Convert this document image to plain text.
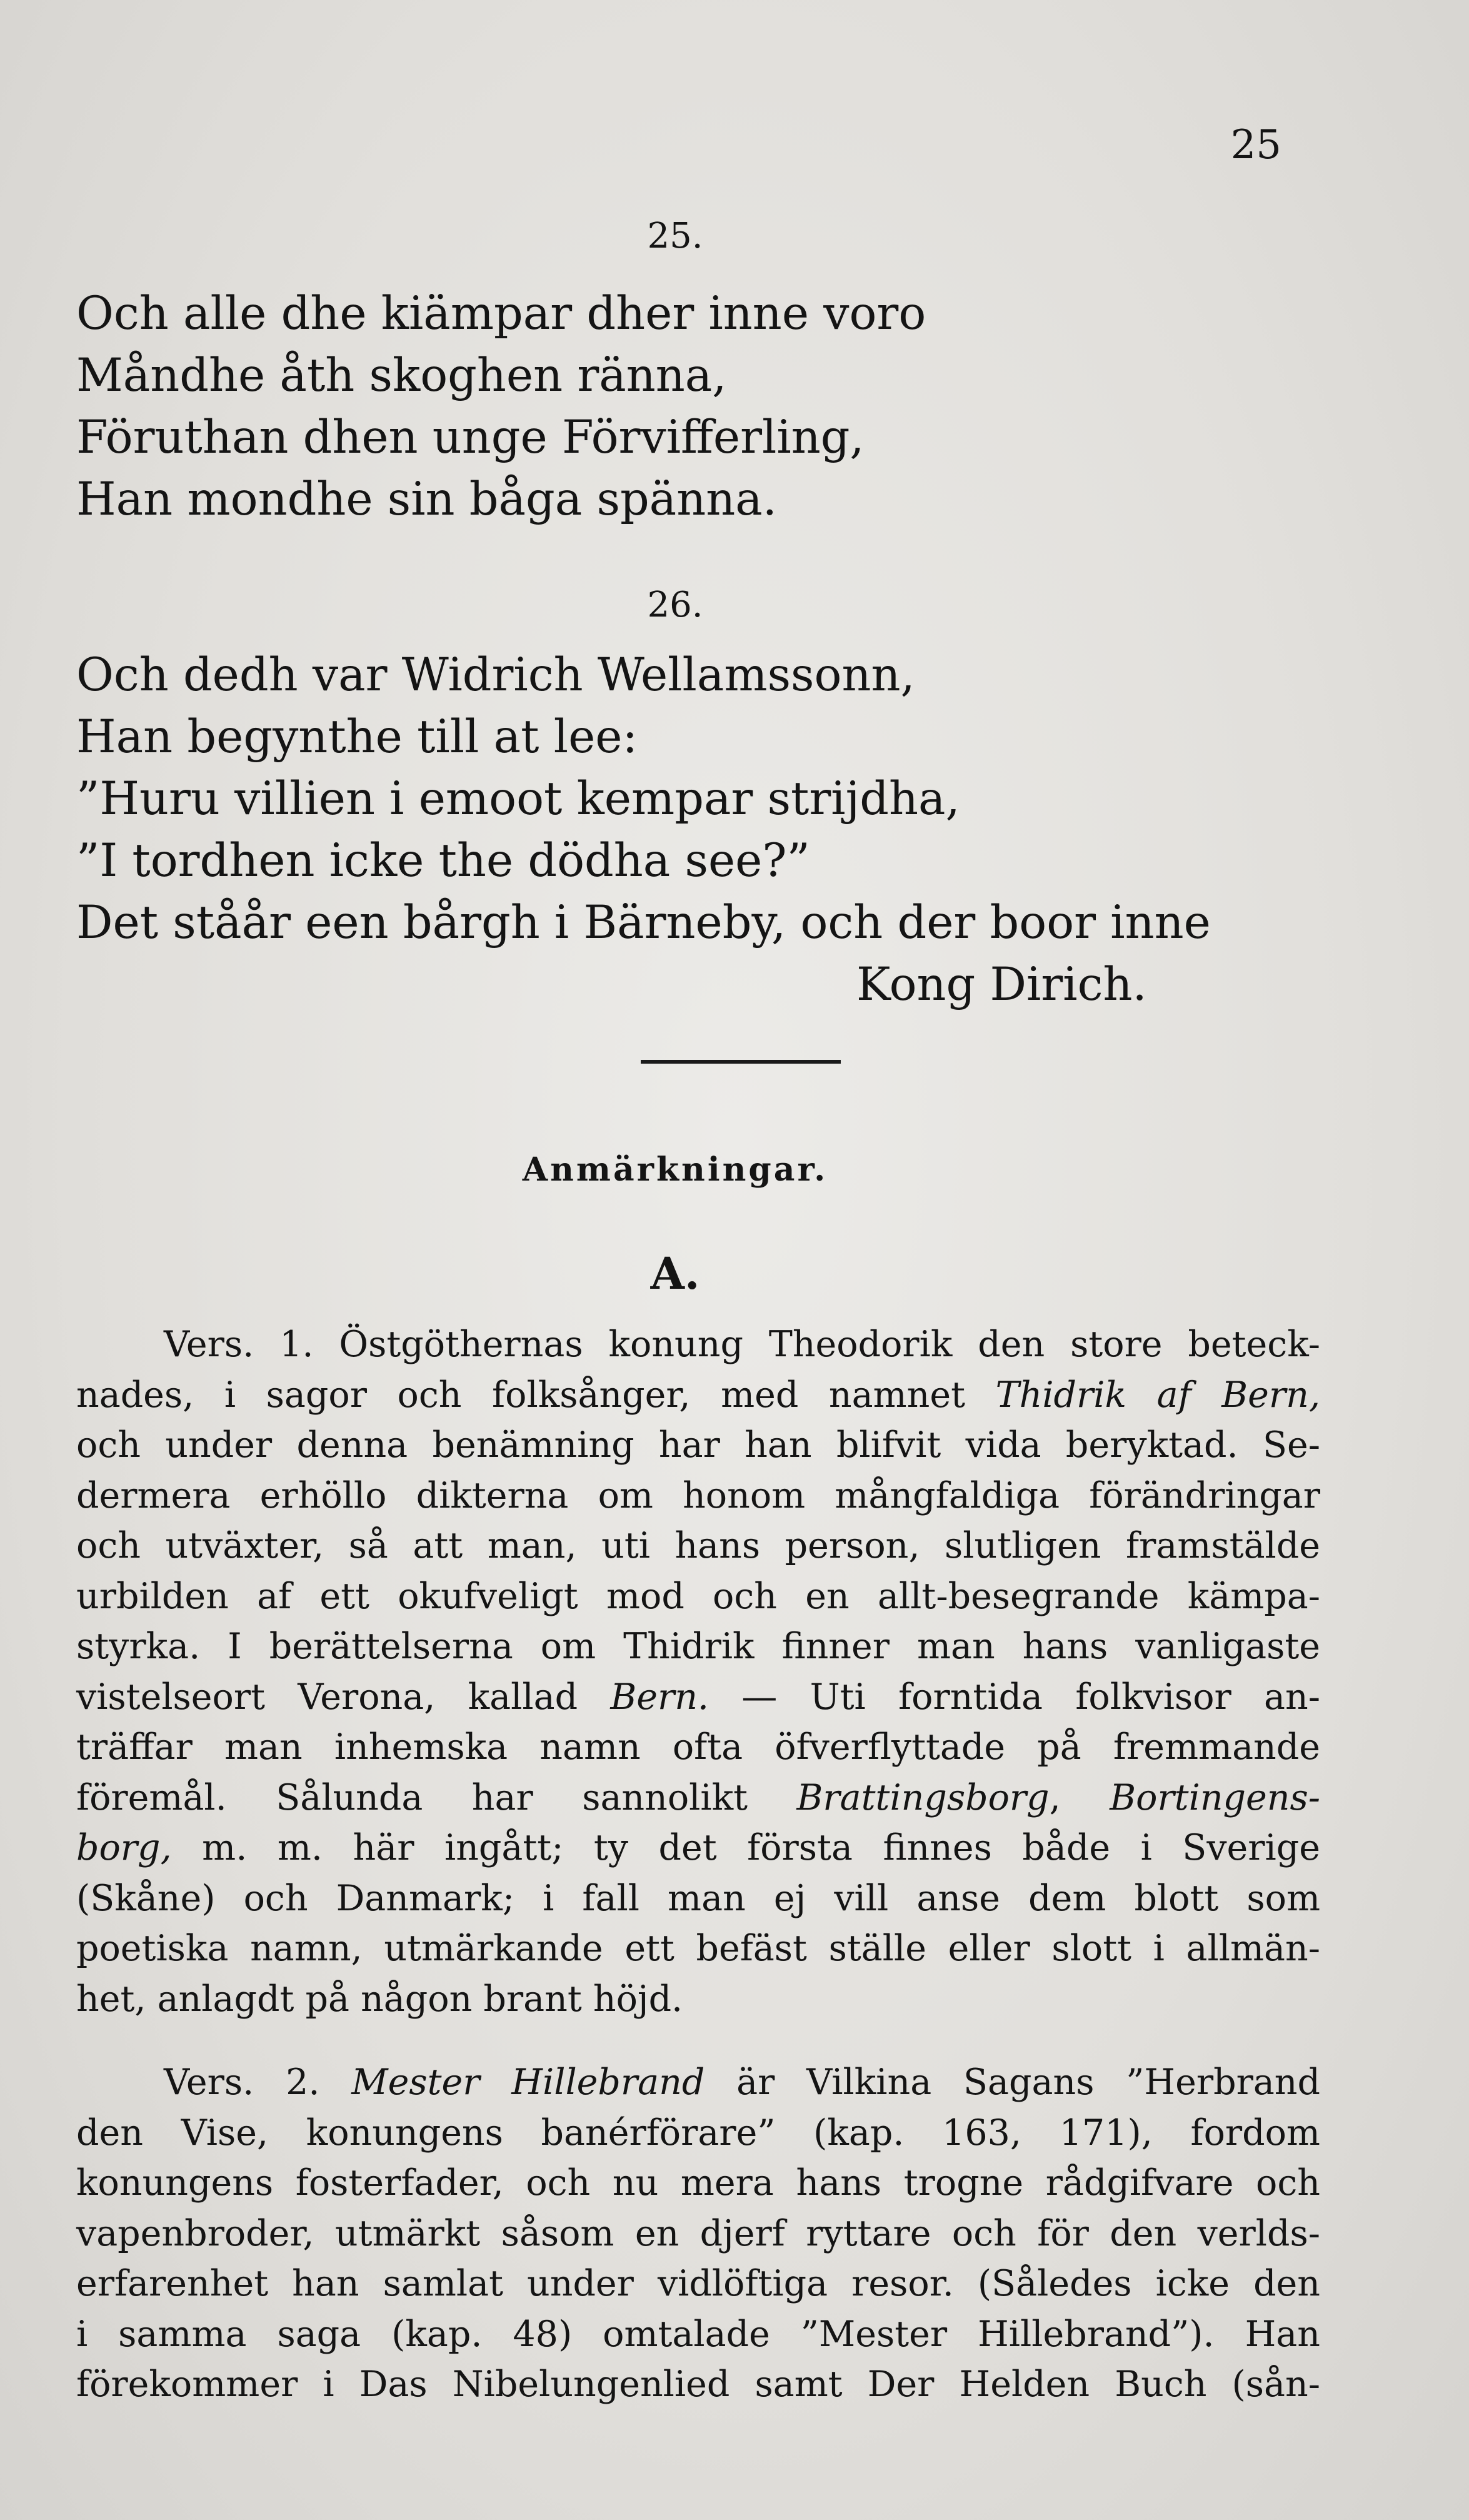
25
25.
Och alle dhe kiämpar dher inne voro
Måndhe åth skoghen ränna,
Föruthan dhen unge Förvifferling,
Han mondhe sin båga spänna.
26.
Och dedh var Widrich Wellamssonn,
Han begynthe till at lee:
”Huru villien i emoot kempar strijdha,
”I tordhen icke the dödha see?”
Det ståår een bårgh i Bärneby, och der boor inne
Kong Dirich.
Anmärkningar.
A.
Vers. 1. Östgöthernas konung Theodorik den store beteck-
nades, i sagor och folksånger, med namnet Thidrik af Bern,
och under denna benämning har han blifvit vida beryktad. Se-
dermera erhöllo dikterna om honom mångfaldiga förändringar
och utväxter, så att man, uti hans person, slutligen framstälde
urbilden af ett okufveligt mod och en allt-besegrande kämpa-
styrka. I berättelserna om Thidrik finner man hans vanligaste
vistelseort Verona, kallad Bern. — Uti forntida folkvisor an-
träffar man inhemska namn ofta öfverflyttade på fremmande
föremål. Sålunda har sannolikt Brattingsborg, Bortingens-
borg, m. m. här ingått; ty det första finnes både i Sverige
(Skåne) och Danmark; i fall man ej vill anse dem blott som
poetiska namn, utmärkande ett befäst ställe eller slott i allmän-
het, anlagdt på någon brant höjd.
Vers. 2. Mester Hillebrand är Vilkina Sagans ”Herbrand
den Vise, konungens banérförare” (kap. 163, 171), fordom
konungens fosterfader, och nu mera hans trogne rådgifvare och
vapenbroder, utmärkt såsom en djerf ryttare och för den verlds-
erfarenhet han samlat under vidlöftiga resor. (Således icke den
i samma saga (kap. 48) omtalade ”Mester Hillebrand”). Han
förekommer i Das Nibelungenlied samt Der Helden Buch (sån-
